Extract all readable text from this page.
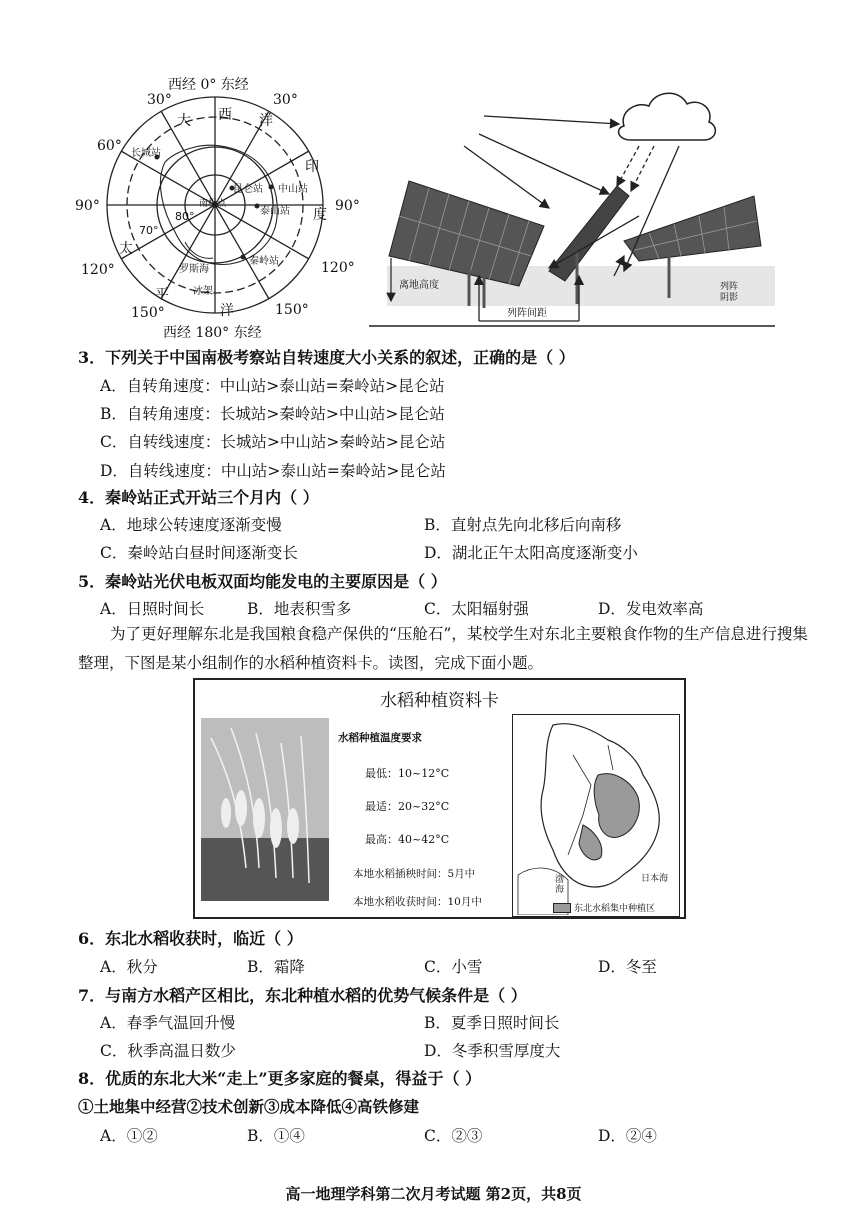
西经 0° 东经
30°	30°
60°
90°	90°
120°	120°
150°	150°
80°
70°
大 西 洋
印
度
太
平
洋
长城站
昆仑站
泰山站
中山站
秦岭站
罗斯海
南极点
冰架
西经 180° 东经
离地高度
列阵间距
列阵阴影
3．下列关于中国南极考察站自转速度大小关系的叙述，正确的是（ ）
A．自转角速度：中山站>泰山站=秦岭站>昆仑站
B．自转角速度：长城站>秦岭站>中山站>昆仑站
C．自转线速度：长城站>中山站>秦岭站>昆仑站
D．自转线速度：中山站>泰山站=秦岭站>昆仑站
4．秦岭站正式开站三个月内（ ）
A．地球公转速度逐渐变慢	B．直射点先向北移后向南移
C．秦岭站白昼时间逐渐变长	D．湖北正午太阳高度逐渐变小
5．秦岭站光伏电板双面均能发电的主要原因是（ ）
A．日照时间长	B．地表积雪多	C．太阳辐射强	D．发电效率高
为了更好理解东北是我国粮食稳产保供的“压舱石”，某校学生对东北主要粮食作物的生产信息进行搜集整理，下图是某小组制作的水稻种植资料卡。读图，完成下面小题。
水稻种植资料卡
水稻种植温度要求
最低：10~12°C
最适：20~32°C
最高：40~42°C
本地水稻插秧时间：5月中
本地水稻收获时间：10月中
日本海
渤海
东北水稻集中种植区
6．东北水稻收获时，临近（ ）
A．秋分	B．霜降	C．小雪	D．冬至
7．与南方水稻产区相比，东北种植水稻的优势气候条件是（ ）
A．春季气温回升慢	B．夏季日照时间长
C．秋季高温日数少	D．冬季积雪厚度大
8．优质的东北大米“走上”更多家庭的餐桌，得益于（ ）
①土地集中经营②技术创新③成本降低④高铁修建
A．①②	B．①④	C．②③	D．②④
高一地理学科第二次月考试题 第2页，共8页
